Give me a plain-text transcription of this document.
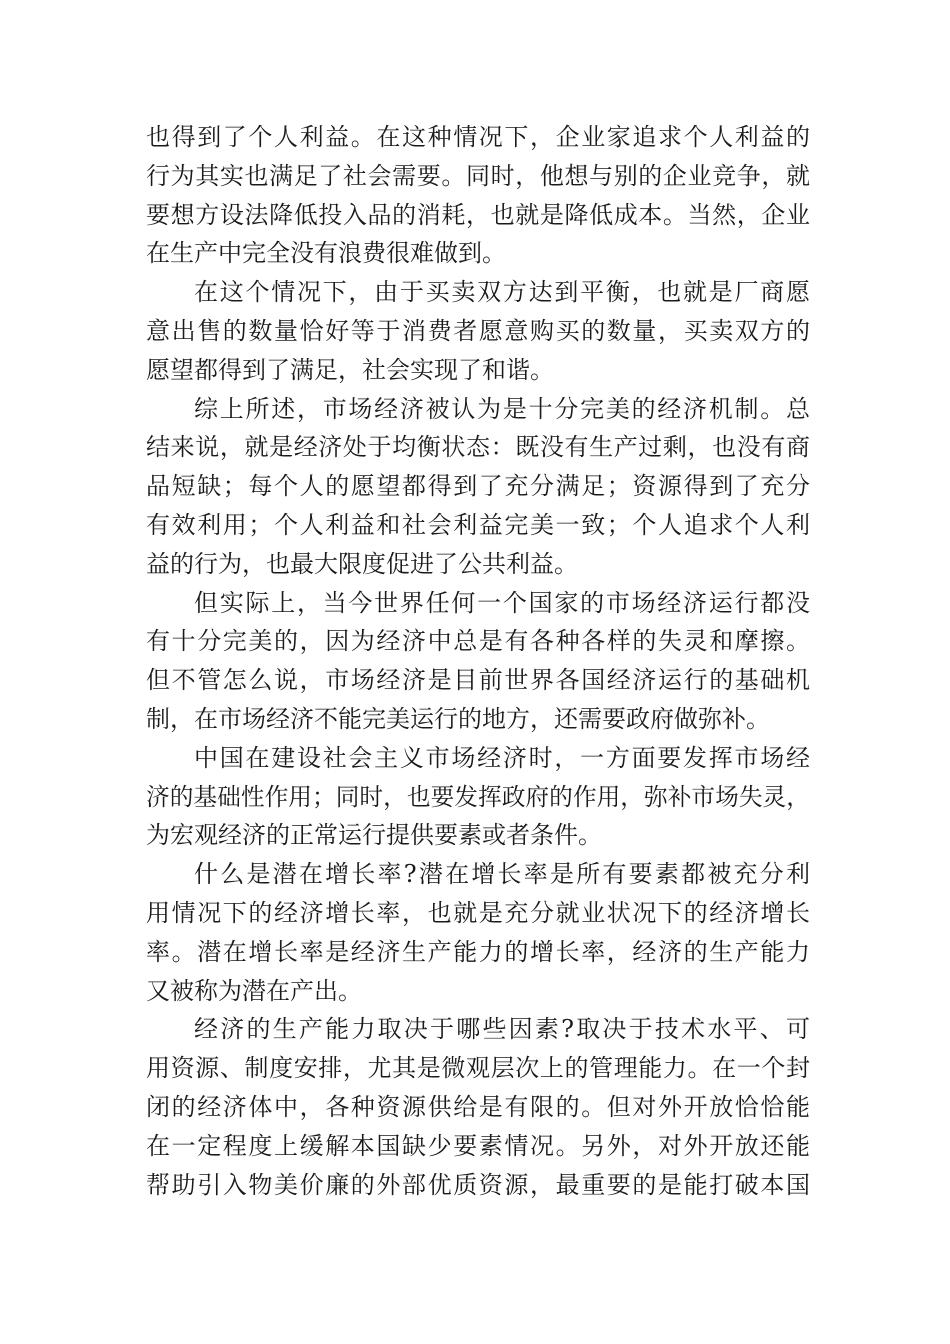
也得到了个人利益。在这种情况下，企业家追求个人利益的
行为其实也满足了社会需要。同时，他想与别的企业竞争，就
要想方设法降低投入品的消耗，也就是降低成本。当然，企业
在生产中完全没有浪费很难做到。
在这个情况下，由于买卖双方达到平衡，也就是厂商愿
意出售的数量恰好等于消费者愿意购买的数量，买卖双方的
愿望都得到了满足，社会实现了和谐。
综上所述，市场经济被认为是十分完美的经济机制。总
结来说，就是经济处于均衡状态：既没有生产过剩，也没有商
品短缺；每个人的愿望都得到了充分满足；资源得到了充分
有效利用；个人利益和社会利益完美一致；个人追求个人利
益的行为，也最大限度促进了公共利益。
但实际上，当今世界任何一个国家的市场经济运行都没
有十分完美的，因为经济中总是有各种各样的失灵和摩擦。
但不管怎么说，市场经济是目前世界各国经济运行的基础机
制，在市场经济不能完美运行的地方，还需要政府做弥补。
中国在建设社会主义市场经济时，一方面要发挥市场经
济的基础性作用；同时，也要发挥政府的作用，弥补市场失灵，
为宏观经济的正常运行提供要素或者条件。
什么是潜在增长率?潜在增长率是所有要素都被充分利
用情况下的经济增长率，也就是充分就业状况下的经济增长
率。潜在增长率是经济生产能力的增长率，经济的生产能力
又被称为潜在产出。
经济的生产能力取决于哪些因素?取决于技术水平、可
用资源、制度安排，尤其是微观层次上的管理能力。在一个封
闭的经济体中，各种资源供给是有限的。但对外开放恰恰能
在一定程度上缓解本国缺少要素情况。另外，对外开放还能
帮助引入物美价廉的外部优质资源，最重要的是能打破本国
